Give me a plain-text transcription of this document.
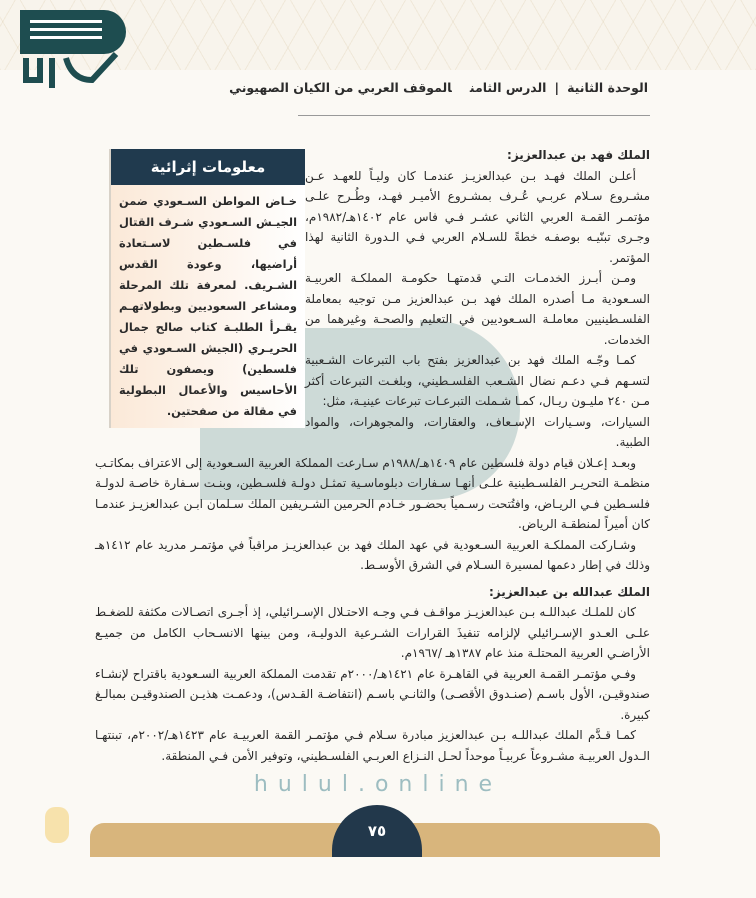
الوحدة الثانية|الدرس الثامنالموقف العربي من الكيان الصهيوني
معلومات إثرائية
خـاض المواطن السـعودي ضمن الجيـش السـعودي شـرف القتال في فلسـطين لاسـتعادة أراضيها، وعودة القدس الشـريف. لمعرفة تلك المرحلة ومشاعر السعوديين وبطولاتهـم يقـرأ الطلبـة كتاب صالح جمال الحريـري (الجيش السـعودي في فلسطين) ويصفون تلك الأحاسيس والأعمال البطولية في مقالة من صفحتين.
الملك فهد بن عبدالعزيز:

أعلـن الملك فهـد بـن عبدالعزيـز عندمـا كان وليـاً للعهـد عـن مشـروع سـلام عربـي عُـرف بمشـروع الأميـر فهـد، وطُـرح علـى مؤتمـر القمـة العربي الثاني عشـر فـي فاس عام ١٤٠٢هـ/١٩٨٢م، وجـرى تبنّيـه بوصفـه خطةً للسـلام العربي فـي الـدورة الثانية لهذا المؤتمر.

ومـن أبـرز الخدمـات التـي قدمتهـا حكومـة المملكـة العربيـة السـعودية مـا أصدره الملك فهد بـن عبدالعزيز مـن توجيه بمعاملة الفلسـطينيين معاملـة السـعوديين في التعليم والصحـة وغيرهما من الخدمات.

كمـا وجّـه الملك فهد بن عبدالعزيز بفتح باب التبرعات الشـعبية لتسـهم فـي دعـم نضال الشـعب الفلسـطيني، وبلغـت التبرعات أكثر مـن ٢٤٠ مليـون ريـال، كمـا شـملت التبرعـات تبرعات عينيـة، مثل:

السيارات، وسـيارات الإسـعاف، والعقارات، والمجوهرات، والمواد الطبية.

وبعـد إعـلان قيام دولة فلسطين عام ١٤٠٩هـ/١٩٨٨م سـارعت المملكة العربية السـعودية إلى الاعتراف بمكاتـب منظمـة التحريـر الفلسـطينية علـى أنهـا سـفارات دبلوماسـية تمثـل دولـة فلسـطين، وبنـت سـفارة خاصـة لدولـة فلسـطين فـي الريـاض، وافتُتحت رسـمياً بحضـور خـادم الحرمين الشـريفين الملك سـلمان ابـن عبدالعزيـز عندمـا كان أميراً لمنطقـة الرياض.

وشـاركت المملكـة العربية السـعودية في عهد الملك فهد بن عبدالعزيـز مراقباً في مؤتمـر مدريد عام ١٤١٢هـ وذلك في إطار دعمها لمسيرة السـلام في الشرق الأوسـط.

الملك عبدالله بن عبدالعزيز:

كان للملـك عبداللـه بـن عبدالعزيـز مواقـف فـي وجـه الاحتـلال الإسـرائيلي، إذ أجـرى اتصـالات مكثفة للضغـط علـى العـدو الإسـرائيلي لإلزامه تنفيذَ القرارات الشـرعية الدوليـة، ومن بينها الانسـحاب الكامل من جميـع الأراضـي العربية المحتلـة منذ عام ١٣٨٧هـ /١٩٦٧م.

وفـي مؤتمـر القمـة العربية في القاهـرة عام ١٤٢١هـ/٢٠٠٠م تقدمت المملكة العربية السـعودية باقتراح لإنشـاء صندوقيـن، الأول باسـم (صنـدوق الأقصـى) والثانـي باسـم (انتفاضـة القـدس)، ودعمـت هذيـن الصندوقيـن بمبالـغ كبيرة.

كمـا قـدَّم الملك عبداللـه بـن عبدالعزيز مبادرة سـلام فـي مؤتمـر القمة العربيـة عام ١٤٢٣هـ/٢٠٠٢م، تبنتهـا الـدول العربيـة مشـروعاً عربيـاً موحداً لحـل النـزاع العربـي الفلسـطيني، وتوفير الأمن فـي المنطقة.

hulul.online
٧٥
